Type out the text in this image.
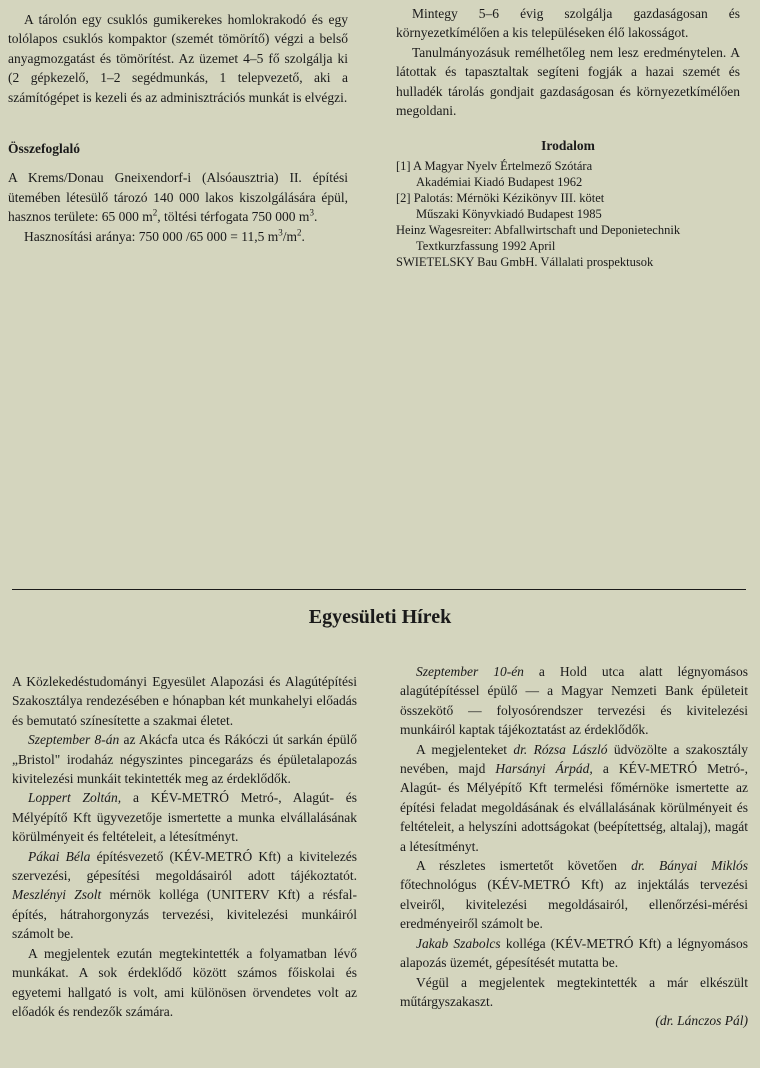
A tárolón egy csuklós gumikerekes homlokrakodó és egy tolólapos csuklós kompaktor (szemét tömörítő) végzi a belső anyagmozgatást és tömörítést. Az üzemet 4–5 fő szolgálja ki (2 gépkezelő, 1–2 segédmunkás, 1 telepvezető, aki a számítógépet is kezeli és az adminisztrációs munkát is elvégzi.

Összefoglaló

A Krems/Donau Gneixendorf-i (Alsóausztria) II. építési ütemében létesülő tározó 140 000 lakos kiszolgálására épül, hasznos területe: 65 000 $m^2$, töltési térfogata 750 000 $m^3$.

Hasznosítási aránya: 750 000 /65 000 = 11,5 $m^3/m^2$.

Mintegy 5–6 évig szolgálja gazdaságosan és környezetkímélően a kis településeken élő lakosságot.

Tanulmányozásuk remélhetőleg nem lesz eredménytelen. A látottak és tapasztaltak segíteni fogják a hazai szemét és hulladék tárolás gondjait gazdaságosan és környezetkímélően megoldani.

Irodalom

[1] A Magyar Nyelv Értelmező Szótára

Akadémiai Kiadó Budapest 1962

[2] Palotás: Mérnöki Kézikönyv III. kötet

Műszaki Könyvkiadó Budapest 1985

Heinz Wagesreiter: Abfallwirtschaft und Deponietechnik

Textkurzfassung 1992 April

SWIETELSKY Bau GmbH. Vállalati prospektusok

Egyesületi Hírek

A Közlekedéstudományi Egyesület Alapozási és Alagútépítési Szakosztálya rendezésében e hónapban két munkahelyi előadás és bemutató színesítette a szakmai életet.

Szeptember 8-án az Akácfa utca és Rákóczi út sarkán épülő „Bristol" irodaház négyszintes pincegarázs és épületalapozás kivitelezési munkáit tekintették meg az érdeklődők.

Loppert Zoltán, a KÉV-METRÓ Metró-, Alagút- és Mélyépítő Kft ügyvezetője ismertette a munka elvállalásának körülményeit és feltételeit, a létesítményt.

Pákai Béla építésvezető (KÉV-METRÓ Kft) a kivitelezés szervezési, gépesítési megoldásairól adott tájékoztatót. Meszlényi Zsolt mérnök kolléga (UNITERV Kft) a résfal-építés, hátrahorgonyzás tervezési, kivitelezési munkáiról számolt be.

A megjelentek ezután megtekintették a folyamatban lévő munkákat. A sok érdeklődő között számos főiskolai és egyetemi hallgató is volt, ami különösen örvendetes volt az előadók és rendezők számára.

Szeptember 10-én a Hold utca alatt légnyomásos alagútépítéssel épülő — a Magyar Nemzeti Bank épületeit összekötő — folyosórendszer tervezési és kivitelezési munkáiról kaptak tájékoztatást az érdeklődők.

A megjelenteket dr. Rózsa László üdvözölte a szakosztály nevében, majd Harsányi Árpád, a KÉV-METRÓ Metró-, Alagút- és Mélyépítő Kft termelési főmérnöke ismertette az építési feladat megoldásának és elvállalásának körülményeit és feltételeit, a helyszíni adottságokat (beépítettség, altalaj), magát a létesítményt.

A részletes ismertetőt követően dr. Bányai Miklós főtechnológus (KÉV-METRÓ Kft) az injektálás tervezési elveiről, kivitelezési megoldásairól, ellenőrzési-mérési eredményeiről számolt be.

Jakab Szabolcs kolléga (KÉV-METRÓ Kft) a légnyomásos alapozás üzemét, gépesítését mutatta be.

Végül a megjelentek megtekintették a már elkészült műtárgyszakaszt.

(dr. Lánczos Pál)
